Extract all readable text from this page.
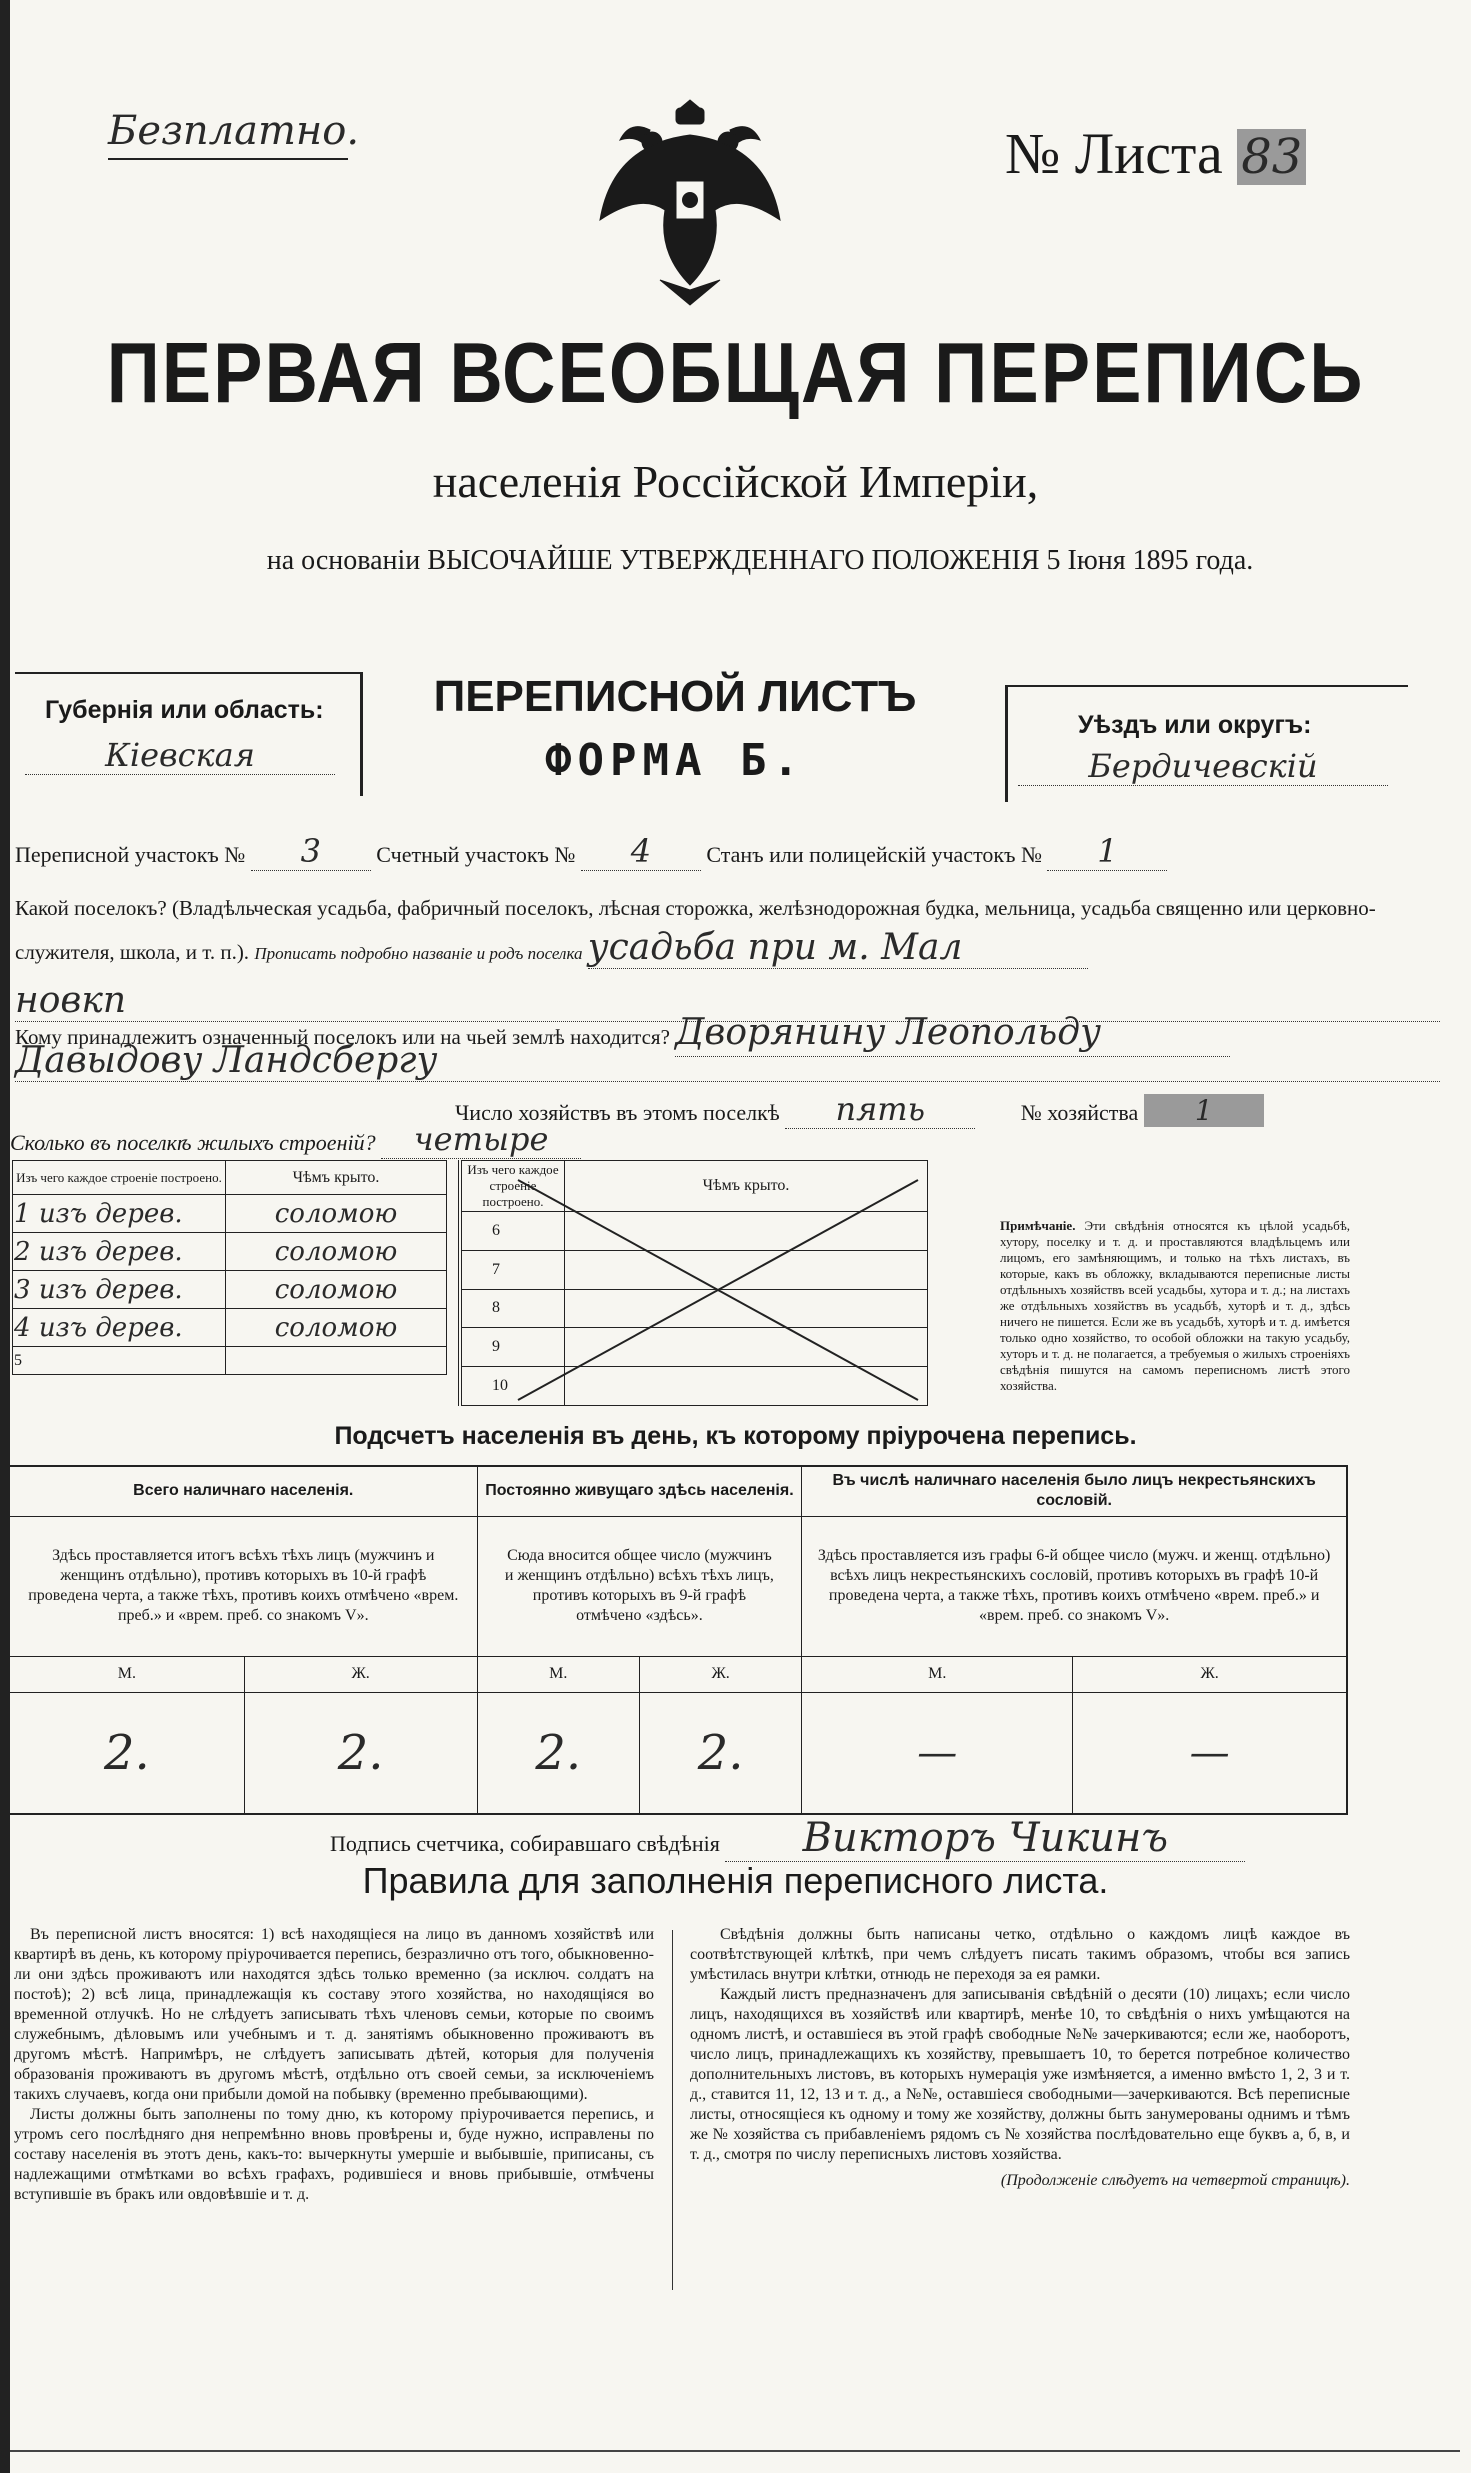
Безплатно.	№ Листа 83
ПЕРВАЯ ВСЕОБЩАЯ ПЕРЕПИСЬ
населенія Россійской Имперіи,
на основаніи ВЫСОЧАЙШЕ УТВЕРЖДЕННАГО ПОЛОЖЕНІЯ 5 Іюня 1895 года.
Губернія или область:
Кіевская
ПЕРЕПИСНОЙ ЛИСТЪ
ФОРМА Б.
Уѣздъ или округъ:
Бердичевскій
Переписной участокъ № 3	Счетный участокъ № 4	Станъ или полицейскій участокъ № 1
Какой поселокъ? (Владѣльческая усадьба, фабричный поселокъ, лѣсная сторожка, желѣзнодорожная будка, мельница, усадьба священно или церковно-служителя, школа, и т. п.). Прописать подробно названіе и родъ поселка усадьба при м. Мал
новкп
Кому принадлежитъ означенный поселокъ или на чьей землѣ находится? Дворянину Леопольду
Давыдову Ландсбергу
Число хозяйствъ въ этомъ поселкѣ пять	№ хозяйства 1
Сколько въ поселкѣ жилыхъ строеній? четыре
Изъ чего каждое строеніе построено.	Чѣмъ крыто.
1 изъ дерев.	соломою
2 изъ дерев.	соломою
3 изъ дерев.	соломою
4 изъ дерев.	соломою
5	
Изъ чего каждое строеніе построено.	Чѣмъ крыто.
6	
7	
8	
9	
10	
Примѣчаніе. Эти свѣдѣнія относятся къ цѣлой усадьбѣ, хутору, поселку и т. д. и проставляются владѣльцемъ или лицомъ, его замѣняющимъ, и только на тѣхъ листахъ, въ которые, какъ въ обложку, вкладываются переписные листы отдѣльныхъ хозяйствъ всей усадьбы, хутора и т. д.; на листахъ же отдѣльныхъ хозяйствъ въ усадьбѣ, хуторѣ и т. д., здѣсь ничего не пишется. Если же въ усадьбѣ, хуторѣ и т. д. имѣется только одно хозяйство, то особой обложки на такую усадьбу, хуторъ и т. д. не полагается, а требуемыя о жилыхъ строеніяхъ свѣдѣнія пишутся на самомъ переписномъ листѣ этого хозяйства.
Подсчетъ населенія въ день, къ которому пріурочена перепись.
Всего наличнаго населенія.		Постоянно живущаго здѣсь населенія.		Въ числѣ наличнаго населенія было лицъ некрестьянскихъ сословій.	
Здѣсь проставляется итогъ всѣхъ тѣхъ лицъ (мужчинъ и женщинъ отдѣльно), противъ которыхъ въ 10-й графѣ проведена черта, а также тѣхъ, противъ коихъ отмѣчено «врем. преб.» и «врем. преб. со знакомъ V».		Сюда вносится общее число (мужчинъ и женщинъ отдѣльно) всѣхъ тѣхъ лицъ, противъ которыхъ въ 9-й графѣ отмѣчено «здѣсь».		Здѣсь проставляется изъ графы 6-й общее число (мужч. и женщ. отдѣльно) всѣхъ лицъ некрестьянскихъ сословій, противъ которыхъ въ графѣ 10-й проведена черта, а также тѣхъ, противъ коихъ отмѣчено «врем. преб.» и «врем. преб. со знакомъ V».	
М.	Ж.	М.	Ж.	М.	Ж.
2.	2.	2.	2.	—	—
Подпись счетчика, собиравшаго свѣдѣнія Викторъ Чикинъ
Правила для заполненія переписного листа.

Въ переписной листъ вносятся: 1) всѣ находящіеся на лицо въ данномъ хозяйствѣ или квартирѣ въ день, къ которому пріурочивается перепись, безразлично отъ того, обыкновенно-ли они здѣсь проживаютъ или находятся здѣсь только временно (за исключ. солдатъ на постоѣ); 2) всѣ лица, принадлежащія къ составу этого хозяйства, но находящіяся во временной отлучкѣ. Но не слѣдуетъ записывать тѣхъ членовъ семьи, которые по своимъ служебнымъ, дѣловымъ или учебнымъ и т. д. занятіямъ обыкновенно проживаютъ въ другомъ мѣстѣ. Напримѣръ, не слѣдуетъ записывать дѣтей, которыя для полученія образованія проживаютъ въ другомъ мѣстѣ, отдѣльно отъ своей семьи, за исключеніемъ такихъ случаевъ, когда они прибыли домой на побывку (временно пребывающими).

Листы должны быть заполнены по тому дню, къ которому пріурочивается перепись, и утромъ сего послѣдняго дня непремѣнно вновь провѣрены и, буде нужно, исправлены по составу населенія въ этотъ день, какъ-то: вычеркнуты умершіе и выбывшіе, приписаны, съ надлежащими отмѣтками во всѣхъ графахъ, родившіеся и вновь прибывшіе, отмѣчены вступившіе въ бракъ или овдовѣвшіе и т. д.

Свѣдѣнія должны быть написаны четко, отдѣльно о каждомъ лицѣ каждое въ соотвѣтствующей клѣткѣ, при чемъ слѣдуетъ писать такимъ образомъ, чтобы вся запись умѣстилась внутри клѣтки, отнюдь не переходя за ея рамки.

Каждый листъ предназначенъ для записыванія свѣдѣній о десяти (10) лицахъ; если число лицъ, находящихся въ хозяйствѣ или квартирѣ, менѣе 10, то свѣдѣнія о нихъ умѣщаются на одномъ листѣ, и оставшіеся въ этой графѣ свободные №№ зачеркиваются; если же, наоборотъ, число лицъ, принадлежащихъ къ хозяйству, превышаетъ 10, то берется потребное количество дополнительныхъ листовъ, въ которыхъ нумерація уже измѣняется, а именно вмѣсто 1, 2, 3 и т. д., ставится 11, 12, 13 и т. д., а №№, оставшіеся свободными—зачеркиваются. Всѣ переписные листы, относящіеся къ одному и тому же хозяйству, должны быть занумерованы однимъ и тѣмъ же № хозяйства съ прибавленіемъ рядомъ съ № хозяйства послѣдовательно еще буквъ а, б, в, и т. д., смотря по числу переписныхъ листовъ хозяйства.

(Продолженіе слѣдуетъ на четвертой страницѣ).
